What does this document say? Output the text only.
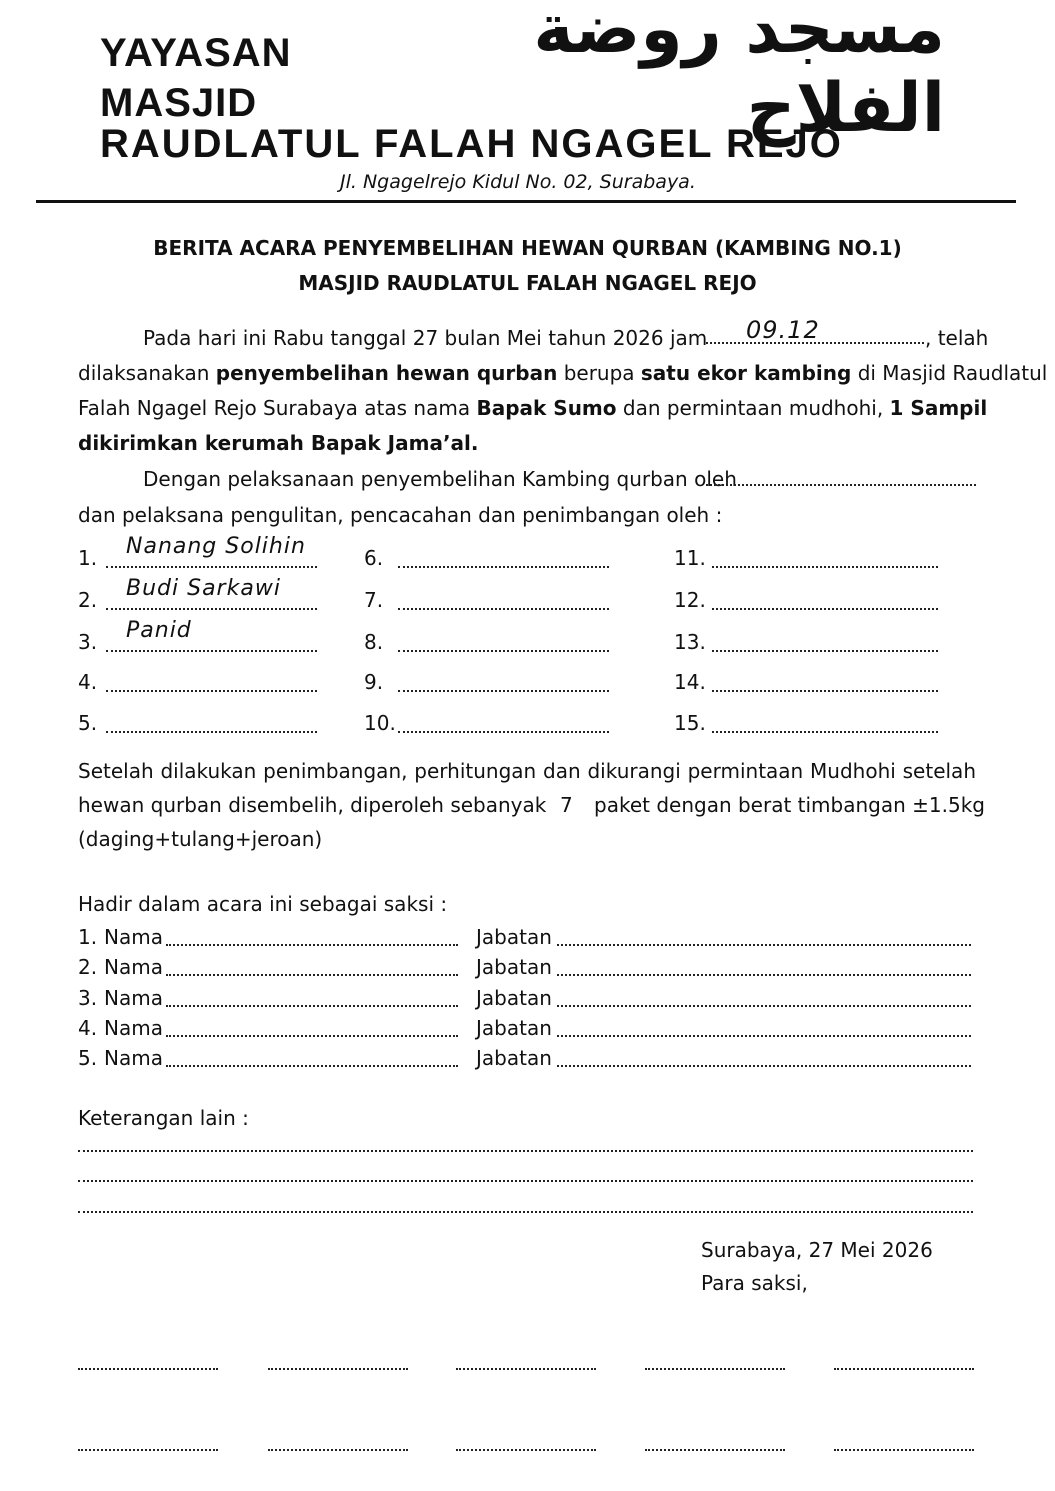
YAYASAN
MASJID
مسجد روضة الفلاح
RAUDLATUL FALAH NGAGEL REJO
Jl. Ngagelrejo Kidul No. 02, Surabaya.
BERITA ACARA PENYEMBELIHAN HEWAN QURBAN (KAMBING NO.1)
MASJID RAUDLATUL FALAH NGAGEL REJO
Pada hari ini Rabu tanggal 27 bulan Mei tahun 2026 jam	09.12	, telah
dilaksanakan penyembelihan hewan qurban berupa satu ekor kambing di Masjid Raudlatul
Falah Ngagel Rejo Surabaya atas nama Bapak Sumo dan permintaan mudhohi, 1 Sampil
dikirimkan kerumah Bapak Jama’al.
Dengan pelaksanaan penyembelihan Kambing qurban oleh
dan pelaksana pengulitan, pencacahan dan penimbangan oleh :
1. Nanang Solihin
2. Budi Sarkawi
3. Panid
4.
5.
6.
7.
8.
9.
10.
11.
12.
13.
14.
15.
Setelah dilakukan penimbangan, perhitungan dan dikurangi permintaan Mudhohi setelah
hewan qurban disembelih, diperoleh sebanyak 7 paket dengan berat timbangan ±1.5kg
(daging+tulang+jeroan)
Hadir dalam acara ini sebagai saksi :
1. Nama	Jabatan
2. Nama	Jabatan
3. Nama	Jabatan
4. Nama	Jabatan
5. Nama	Jabatan
Keterangan lain :
Surabaya, 27 Mei 2026
Para saksi,
